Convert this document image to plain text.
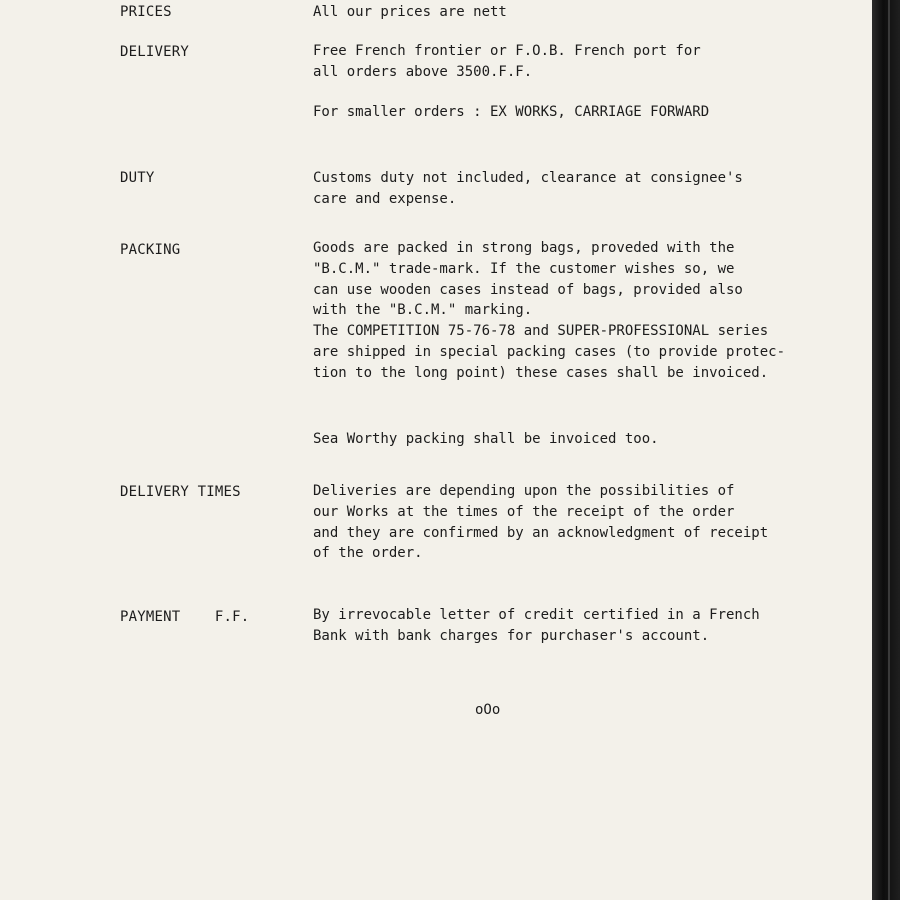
PRICES	All our prices are nett
DELIVERY	Free French frontier or F.O.B. French port for
all orders above 3500.F.F.
For smaller orders : EX WORKS, CARRIAGE FORWARD
DUTY	Customs duty not included, clearance at consignee's
care and expense.
PACKING	Goods are packed in strong bags, proveded with the
"B.C.M." trade-mark. If the customer wishes so, we
can use wooden cases instead of bags, provided also
with the "B.C.M." marking.
The COMPETITION 75-76-78 and SUPER-PROFESSIONAL series
are shipped in special packing cases (to provide protec-
tion to the long point) these cases shall be invoiced.
Sea Worthy packing shall be invoiced too.
DELIVERY TIMES	Deliveries are depending upon the possibilities of
our Works at the times of the receipt of the order
and they are confirmed by an acknowledgment of receipt
of the order.
PAYMENT    F.F.	By irrevocable letter of credit certified in a French
Bank with bank charges for purchaser's account.
oOo
